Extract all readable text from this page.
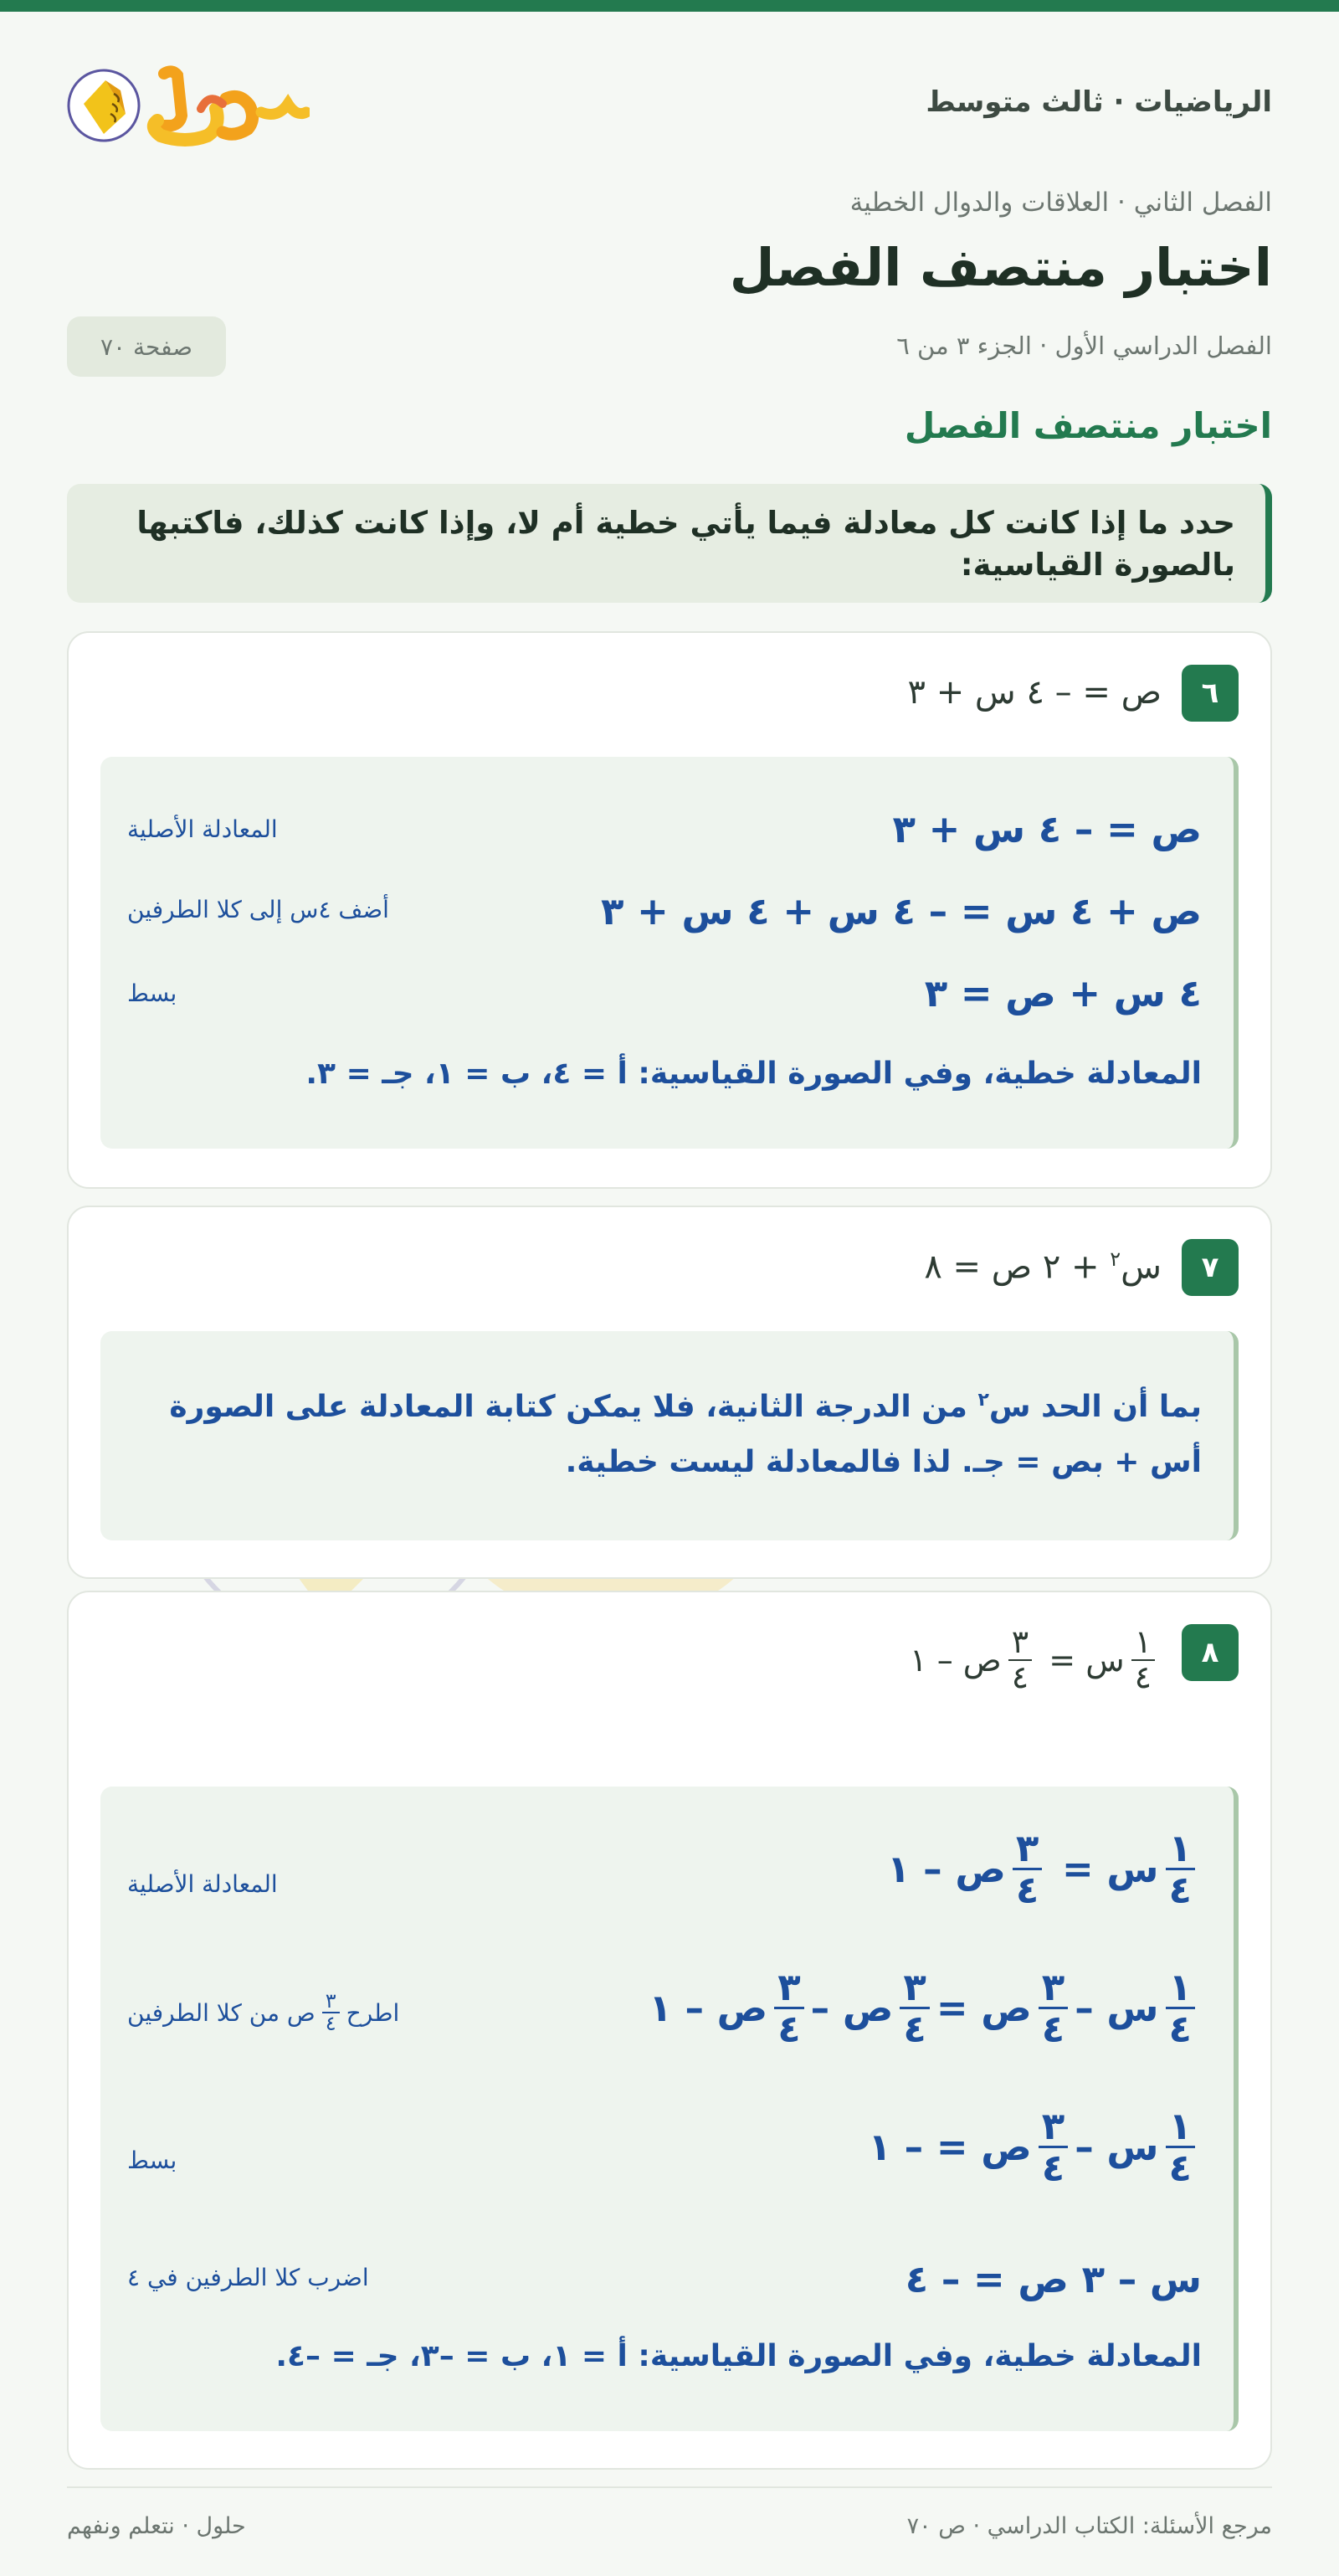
الرياضيات · ثالث متوسط
الفصل الثاني · العلاقات والدوال الخطية
اختبار منتصف الفصل
الفصل الدراسي الأول · الجزء ٣ من ٦
صفحة ٧٠
اختبار منتصف الفصل
حدد ما إذا كانت كل معادلة فيما يأتي خطية أم لا، وإذا كانت كذلك، فاكتبها بالصورة القياسية:
٦
ص = – ٤ س + ٣
ص = – ٤ س + ٣
المعادلة الأصلية
ص + ٤ س = – ٤ س + ٤ س + ٣
أضف ٤س إلى كلا الطرفين
٤ س + ص = ٣
بسط
المعادلة خطية، وفي الصورة القياسية: أ = ٤، ب = ١، جـ = ٣.
٧
س$^٢$ + ٢ ص = ٨
بما أن الحد س$^٢$ من الدرجة الثانية، فلا يمكن كتابة المعادلة على الصورة أس + بص = جـ. لذا فالمعادلة ليست خطية.
٨
$\frac{١}{٤}$
س

=

$\frac{٣}{٤}$
ص

–

١
$\frac{١}{٤}$
س

=

$\frac{٣}{٤}$
ص

–

١
المعادلة الأصلية
$\frac{١}{٤}$
س

–
$\frac{٣}{٤}$
ص

=
$\frac{٣}{٤}$
ص

–
$\frac{٣}{٤}$
ص

–

١
اطرح
$\frac{٣}{٤}$
ص من كلا الطرفين
$\frac{١}{٤}$
س

–
$\frac{٣}{٤}$
ص

=

–

١
بسط
س – ٣ ص = – ٤
اضرب كلا الطرفين في ٤
المعادلة خطية، وفي الصورة القياسية: أ = ١، ب = –٣، جـ = –٤.
مرجع الأسئلة: الكتاب الدراسي · ص ٧٠
حلول · نتعلم ونفهم
